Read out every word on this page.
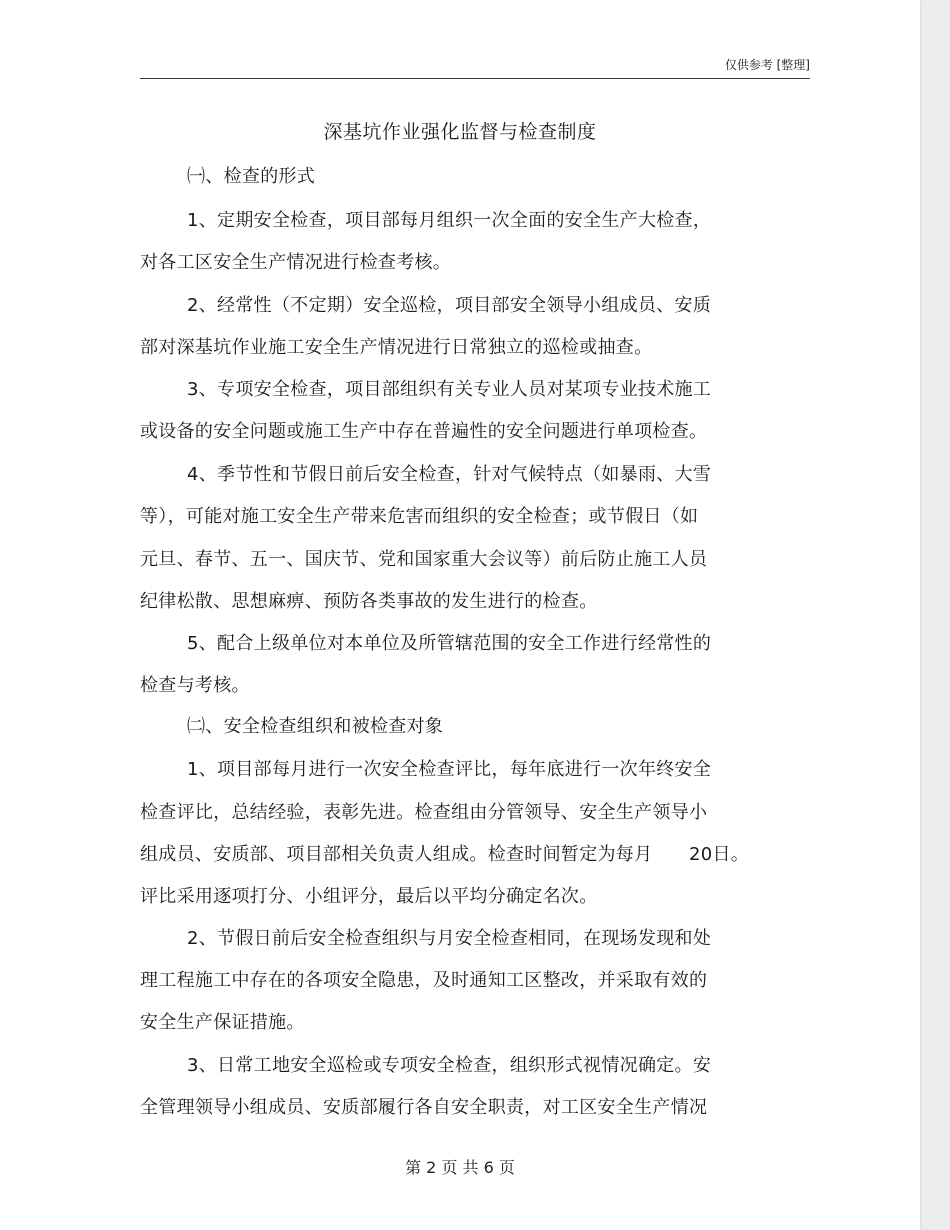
仅供参考 [整理]
深基坑作业强化监督与检查制度
㈠、检查的形式
1、定期安全检查，项目部每月组织一次全面的安全生产大检查，
对各工区安全生产情况进行检查考核。
2、经常性（不定期）安全巡检，项目部安全领导小组成员、安质
部对深基坑作业施工安全生产情况进行日常独立的巡检或抽查。
3、专项安全检查，项目部组织有关专业人员对某项专业技术施工
或设备的安全问题或施工生产中存在普遍性的安全问题进行单项检查。
4、季节性和节假日前后安全检查，针对气候特点（如暴雨、大雪
等），可能对施工安全生产带来危害而组织的安全检查；或节假日（如
元旦、春节、五一、国庆节、党和国家重大会议等）前后防止施工人员
纪律松散、思想麻痹、预防各类事故的发生进行的检查。
5、配合上级单位对本单位及所管辖范围的安全工作进行经常性的
检查与考核。
㈡、安全检查组织和被检查对象
1、项目部每月进行一次安全检查评比，每年底进行一次年终安全
检查评比，总结经验，表彰先进。检查组由分管领导、安全生产领导小
组成员、安质部、项目部相关负责人组成。检查时间暂定为每月　　20日。
评比采用逐项打分、小组评分，最后以平均分确定名次。
2、节假日前后安全检查组织与月安全检查相同，在现场发现和处
理工程施工中存在的各项安全隐患，及时通知工区整改，并采取有效的
安全生产保证措施。
3、日常工地安全巡检或专项安全检查，组织形式视情况确定。安
全管理领导小组成员、安质部履行各自安全职责，对工区安全生产情况
第 2 页 共 6 页
